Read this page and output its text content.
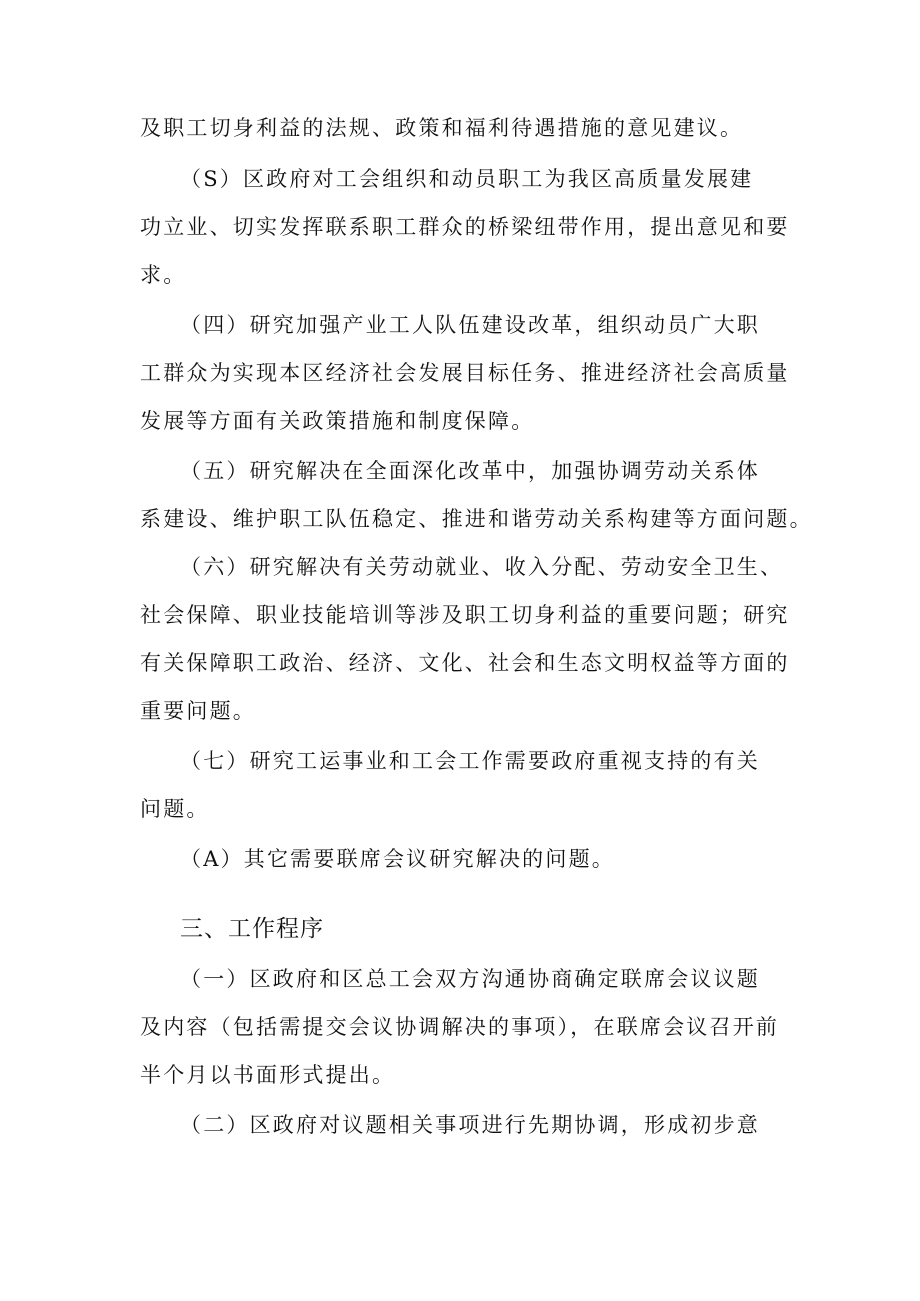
及职工切身利益的法规、政策和福利待遇措施的意见建议。
（S）区政府对工会组织和动员职工为我区高质量发展建
功立业、切实发挥联系职工群众的桥梁纽带作用，提出意见和要
求。
（四）研究加强产业工人队伍建设改革，组织动员广大职
工群众为实现本区经济社会发展目标任务、推进经济社会高质量
发展等方面有关政策措施和制度保障。
（五）研究解决在全面深化改革中，加强协调劳动关系体
系建设、维护职工队伍稳定、推进和谐劳动关系构建等方面问题。
（六）研究解决有关劳动就业、收入分配、劳动安全卫生、
社会保障、职业技能培训等涉及职工切身利益的重要问题；研究
有关保障职工政治、经济、文化、社会和生态文明权益等方面的
重要问题。
（七）研究工运事业和工会工作需要政府重视支持的有关
问题。
（A）其它需要联席会议研究解决的问题。
三、工作程序
（一）区政府和区总工会双方沟通协商确定联席会议议题
及内容（包括需提交会议协调解决的事项），在联席会议召开前
半个月以书面形式提出。
（二）区政府对议题相关事项进行先期协调，形成初步意
